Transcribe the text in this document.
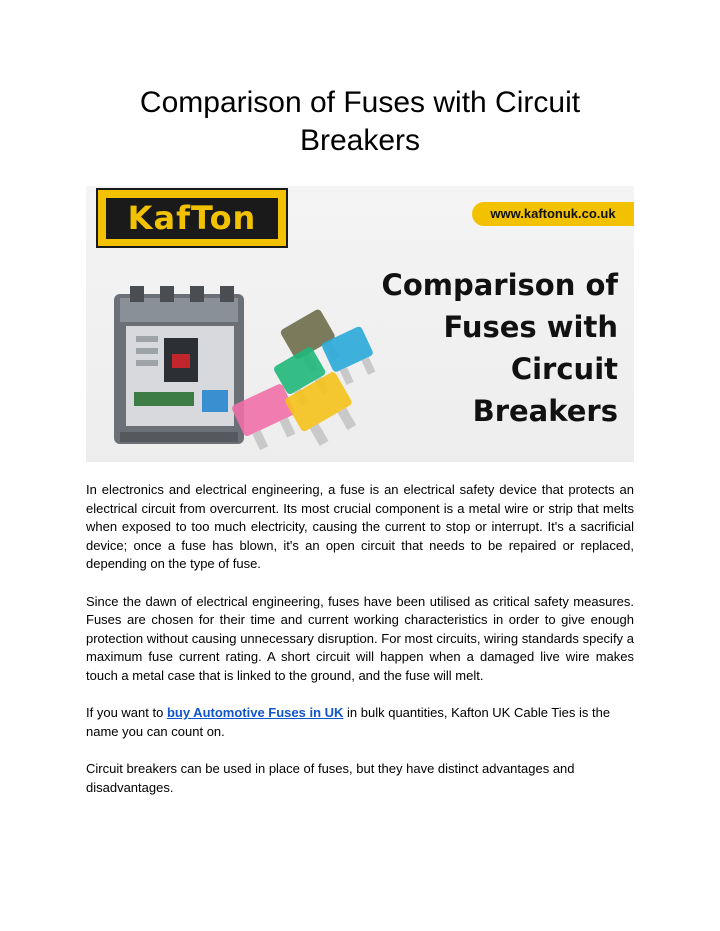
Comparison of Fuses with Circuit Breakers
KafTon	www.kaftonuk.co.uk
Comparison of
Fuses with
Circuit
Breakers

In electronics and electrical engineering, a fuse is an electrical safety device that protects an electrical circuit from overcurrent. Its most crucial component is a metal wire or strip that melts when exposed to too much electricity, causing the current to stop or interrupt. It's a sacrificial device; once a fuse has blown, it's an open circuit that needs to be repaired or replaced, depending on the type of fuse.

Since the dawn of electrical engineering, fuses have been utilised as critical safety measures. Fuses are chosen for their time and current working characteristics in order to give enough protection without causing unnecessary disruption. For most circuits, wiring standards specify a maximum fuse current rating. A short circuit will happen when a damaged live wire makes touch a metal case that is linked to the ground, and the fuse will melt.

If you want to buy Automotive Fuses in UK in bulk quantities, Kafton UK Cable Ties is the name you can count on.

Circuit breakers can be used in place of fuses, but they have distinct advantages and disadvantages.
